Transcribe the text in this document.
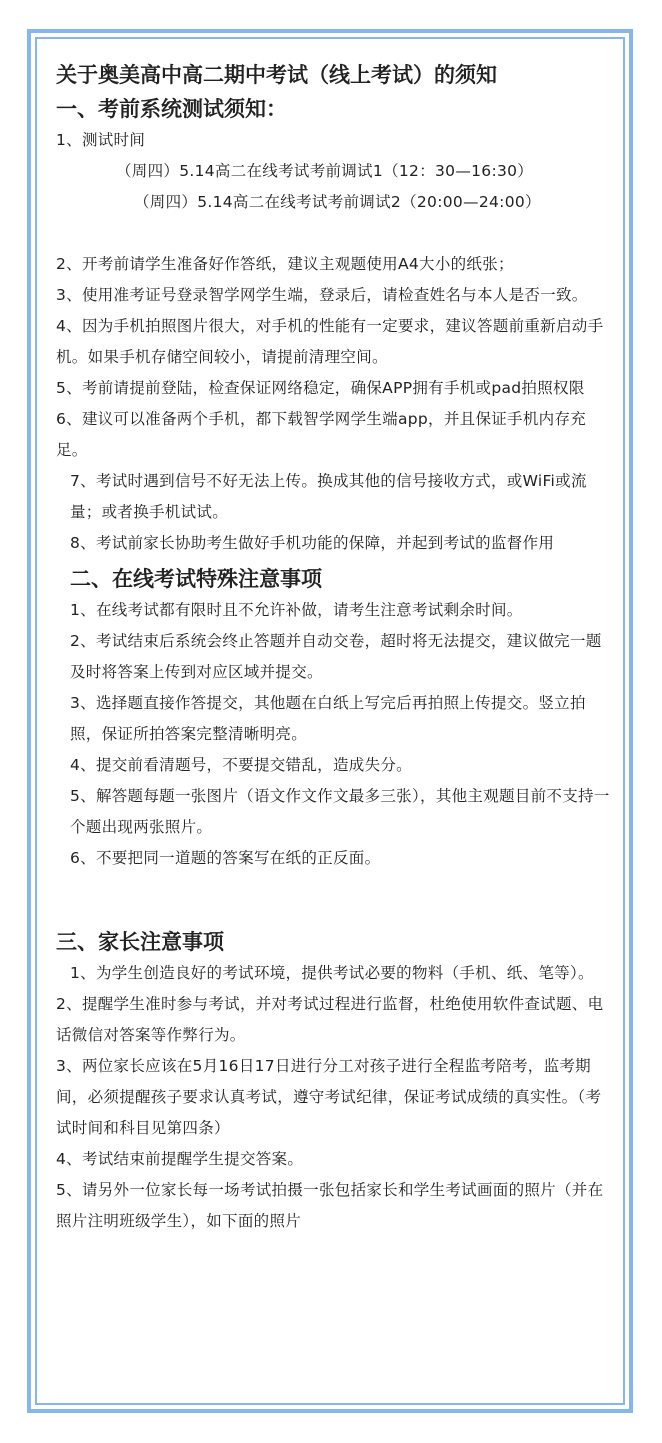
关于奥美高中高二期中考试（线上考试）的须知
一、考前系统测试须知：
1、测试时间
（周四）5.14高二在线考试考前调试1（12：30—16:30）
（周四）5.14高二在线考试考前调试2（20:00—24:00）
2、开考前请学生准备好作答纸，建议主观题使用A4大小的纸张；
3、使用准考证号登录智学网学生端，登录后，请检查姓名与本人是否一致。
4、因为手机拍照图片很大，对手机的性能有一定要求，建议答题前重新启动手机。如果手机存储空间较小，请提前清理空间。
5、考前请提前登陆，检查保证网络稳定，确保APP拥有手机或pad拍照权限
6、建议可以准备两个手机，都下载智学网学生端app，并且保证手机内存充足。
7、考试时遇到信号不好无法上传。换成其他的信号接收方式，或WiFi或流量；或者换手机试试。
8、考试前家长协助考生做好手机功能的保障，并起到考试的监督作用
二、在线考试特殊注意事项
1、在线考试都有限时且不允许补做，请考生注意考试剩余时间。
2、考试结束后系统会终止答题并自动交卷，超时将无法提交，建议做完一题及时将答案上传到对应区域并提交。
3、选择题直接作答提交，其他题在白纸上写完后再拍照上传提交。竖立拍照，保证所拍答案完整清晰明亮。
4、提交前看清题号，不要提交错乱，造成失分。
5、解答题每题一张图片（语文作文作文最多三张），其他主观题目前不支持一个题出现两张照片。
6、不要把同一道题的答案写在纸的正反面。
三、家长注意事项
1、为学生创造良好的考试环境，提供考试必要的物料（手机、纸、笔等）。
2、提醒学生准时参与考试，并对考试过程进行监督，杜绝使用软件查试题、电话微信对答案等作弊行为。
3、两位家长应该在5月16日17日进行分工对孩子进行全程监考陪考，监考期间，必须提醒孩子要求认真考试，遵守考试纪律，保证考试成绩的真实性。（考试时间和科目见第四条）
4、考试结束前提醒学生提交答案。
5、请另外一位家长每一场考试拍摄一张包括家长和学生考试画面的照片（并在照片注明班级学生），如下面的照片
